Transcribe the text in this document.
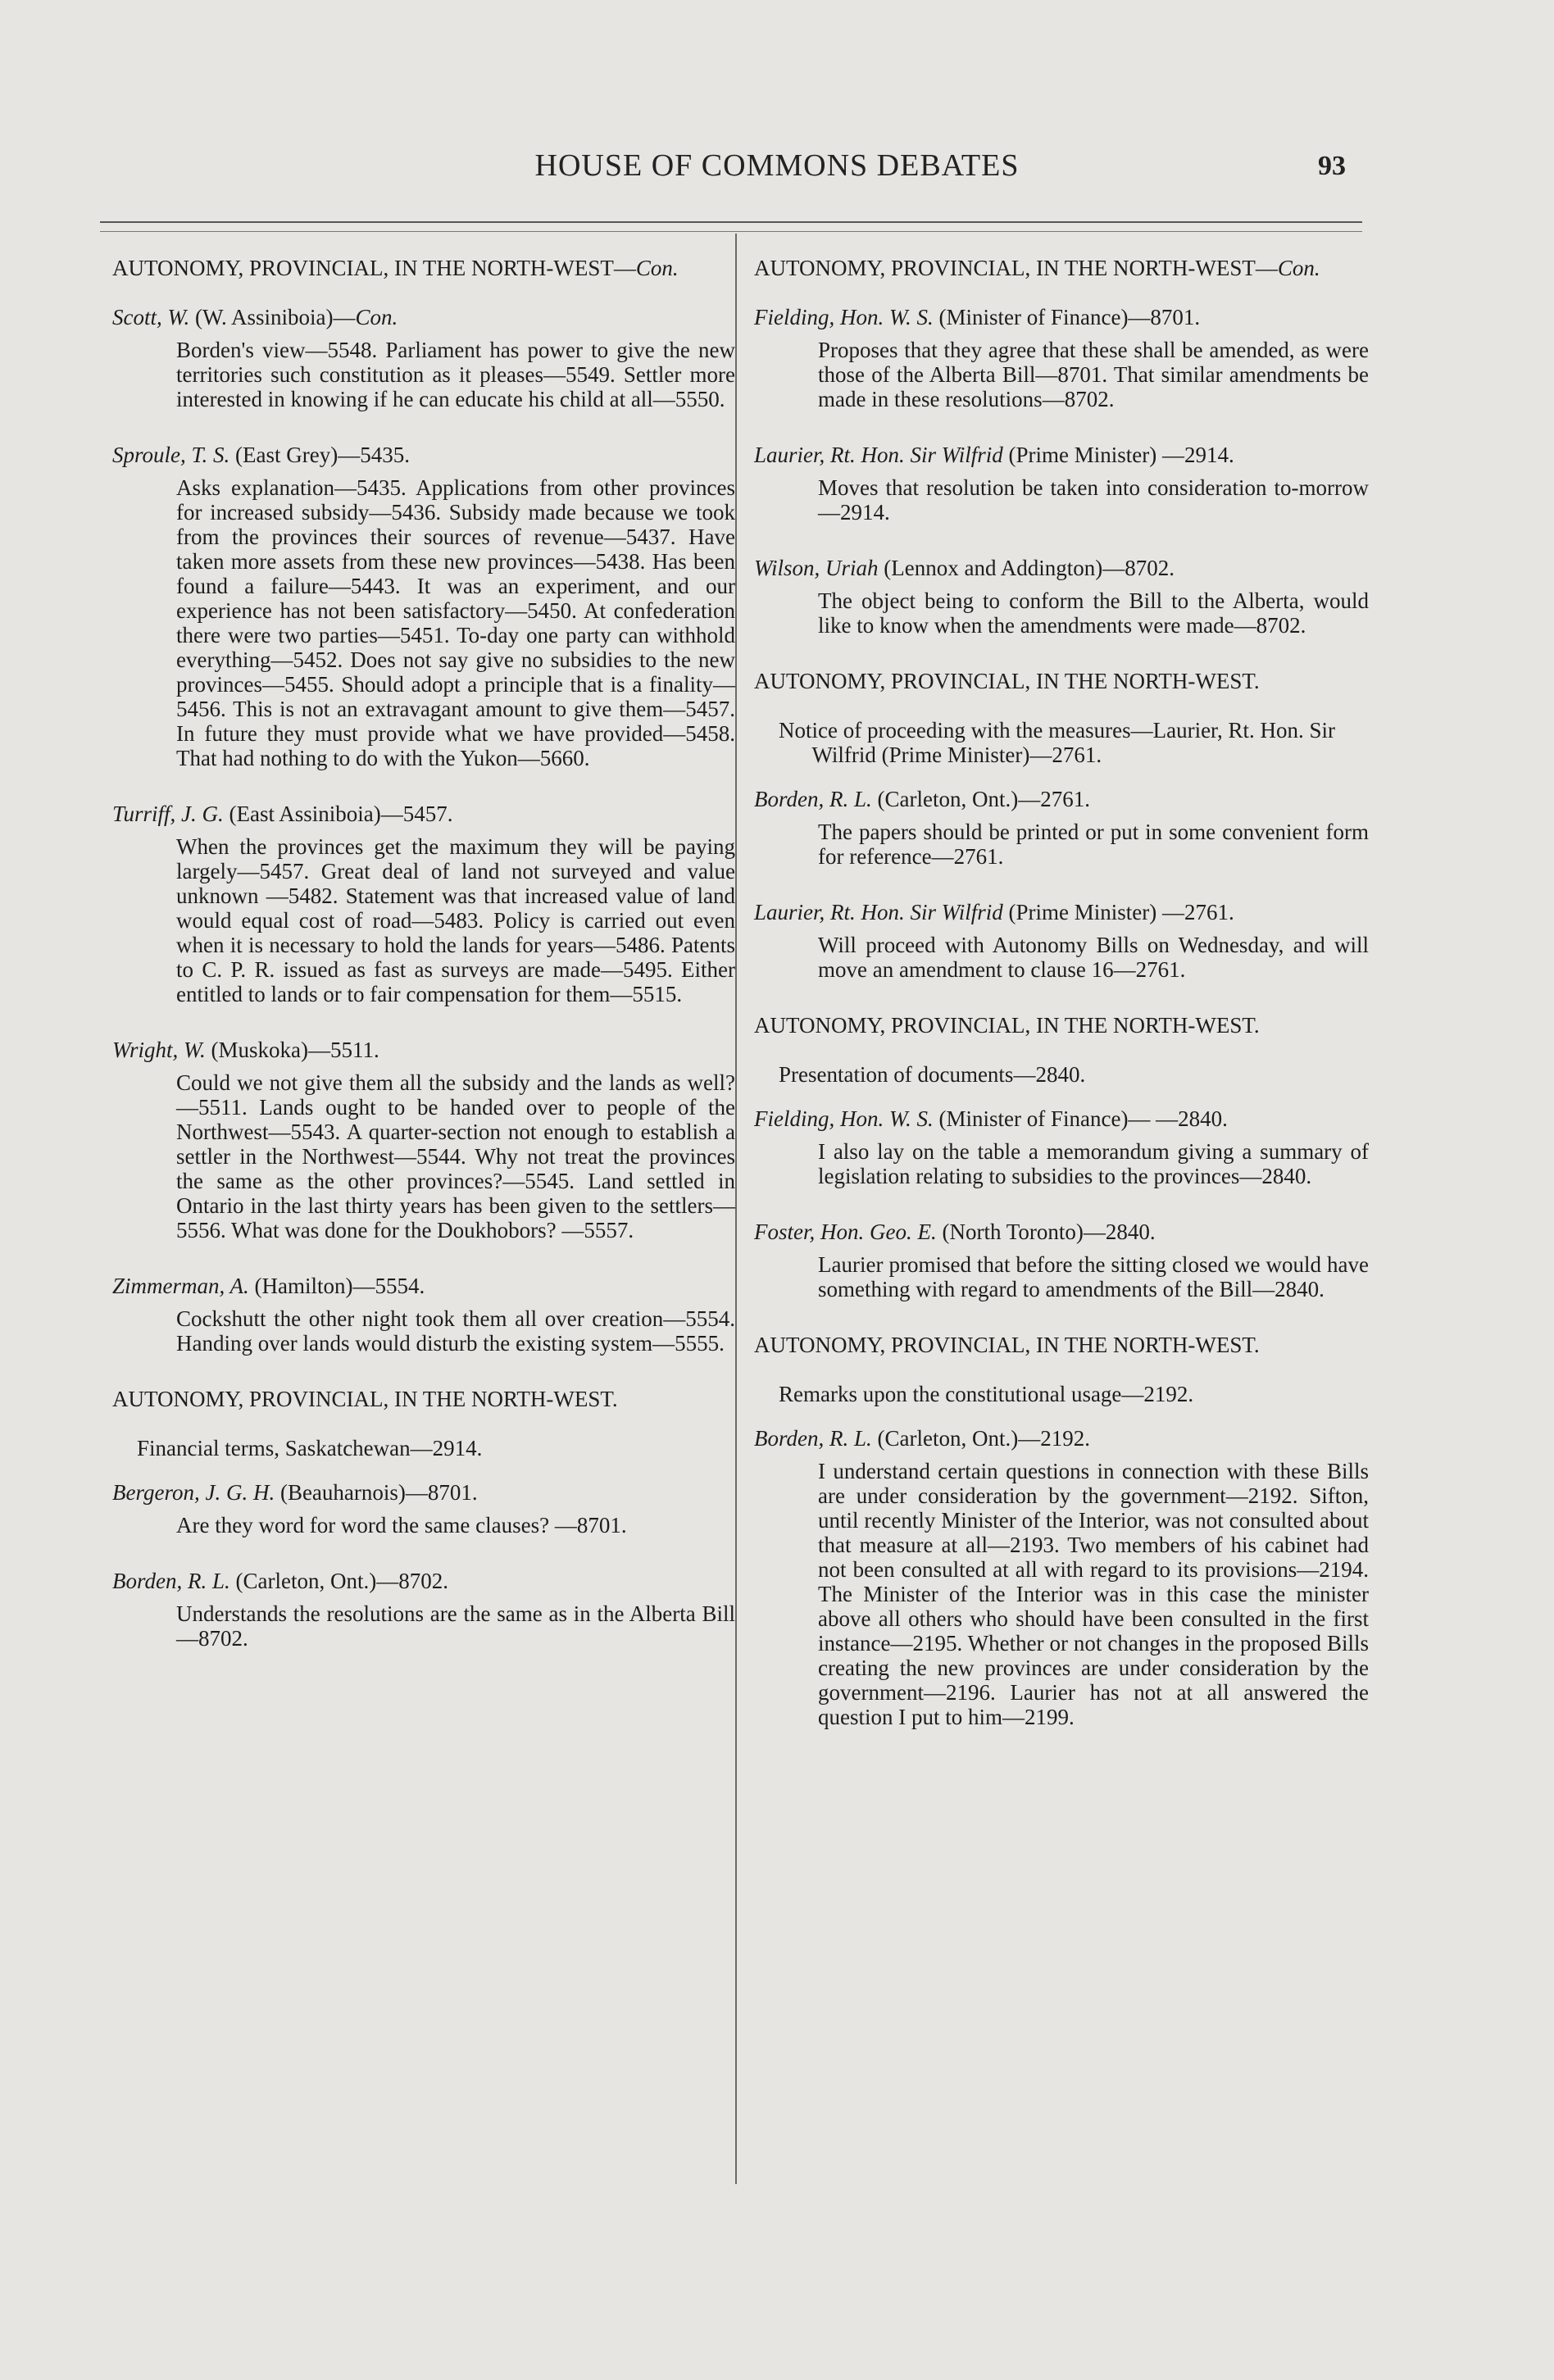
HOUSE OF COMMONS DEBATES	93

AUTONOMY, PROVINCIAL, IN THE NORTH-WEST—Con.

Scott, W. (W. Assiniboia)—Con.

Borden's view—5548. Parliament has power to give the new territories such constitution as it pleases—5549. Settler more interested in knowing if he can educate his child at all—5550.

Sproule, T. S. (East Grey)—5435.

Asks explanation—5435. Applications from other provinces for increased subsidy—5436. Subsidy made because we took from the provinces their sources of revenue—5437. Have taken more assets from these new provinces—5438. Has been found a failure—5443. It was an experiment, and our experience has not been satisfactory—5450. At confederation there were two parties—5451. To-day one party can withhold everything—5452. Does not say give no subsidies to the new provinces—5455. Should adopt a principle that is a finality—5456. This is not an extravagant amount to give them—5457. In future they must provide what we have provided—5458. That had nothing to do with the Yukon—5660.

Turriff, J. G. (East Assiniboia)—5457.

When the provinces get the maximum they will be paying largely—5457. Great deal of land not surveyed and value unknown —5482. Statement was that increased value of land would equal cost of road—5483. Policy is carried out even when it is necessary to hold the lands for years—5486. Patents to C. P. R. issued as fast as surveys are made—5495. Either entitled to lands or to fair compensation for them—5515.

Wright, W. (Muskoka)—5511.

Could we not give them all the subsidy and the lands as well?—5511. Lands ought to be handed over to people of the Northwest—5543. A quarter-section not enough to establish a settler in the Northwest—5544. Why not treat the provinces the same as the other provinces?—5545. Land settled in Ontario in the last thirty years has been given to the settlers—5556. What was done for the Doukhobors? —5557.

Zimmerman, A. (Hamilton)—5554.

Cockshutt the other night took them all over creation—5554. Handing over lands would disturb the existing system—5555.

AUTONOMY, PROVINCIAL, IN THE NORTH-WEST.

Financial terms, Saskatchewan—2914.

Bergeron, J. G. H. (Beauharnois)—8701.

Are they word for word the same clauses? —8701.

Borden, R. L. (Carleton, Ont.)—8702.

Understands the resolutions are the same as in the Alberta Bill—8702.

AUTONOMY, PROVINCIAL, IN THE NORTH-WEST—Con.

Fielding, Hon. W. S. (Minister of Finance)—8701.

Proposes that they agree that these shall be amended, as were those of the Alberta Bill—8701. That similar amendments be made in these resolutions—8702.

Laurier, Rt. Hon. Sir Wilfrid (Prime Minister) —2914.

Moves that resolution be taken into consideration to-morrow—2914.

Wilson, Uriah (Lennox and Addington)—8702.

The object being to conform the Bill to the Alberta, would like to know when the amendments were made—8702.

AUTONOMY, PROVINCIAL, IN THE NORTH-WEST.

Notice of proceeding with the measures—Laurier, Rt. Hon. Sir Wilfrid (Prime Minister)—2761.

Borden, R. L. (Carleton, Ont.)—2761.

The papers should be printed or put in some convenient form for reference—2761.

Laurier, Rt. Hon. Sir Wilfrid (Prime Minister) —2761.

Will proceed with Autonomy Bills on Wednesday, and will move an amendment to clause 16—2761.

AUTONOMY, PROVINCIAL, IN THE NORTH-WEST.

Presentation of documents—2840.

Fielding, Hon. W. S. (Minister of Finance)— —2840.

I also lay on the table a memorandum giving a summary of legislation relating to subsidies to the provinces—2840.

Foster, Hon. Geo. E. (North Toronto)—2840.

Laurier promised that before the sitting closed we would have something with regard to amendments of the Bill—2840.

AUTONOMY, PROVINCIAL, IN THE NORTH-WEST.

Remarks upon the constitutional usage—2192.

Borden, R. L. (Carleton, Ont.)—2192.

I understand certain questions in connection with these Bills are under consideration by the government—2192. Sifton, until recently Minister of the Interior, was not consulted about that measure at all—2193. Two members of his cabinet had not been consulted at all with regard to its provisions—2194. The Minister of the Interior was in this case the minister above all others who should have been consulted in the first instance—2195. Whether or not changes in the proposed Bills creating the new provinces are under consideration by the government—2196. Laurier has not at all answered the question I put to him—2199.
